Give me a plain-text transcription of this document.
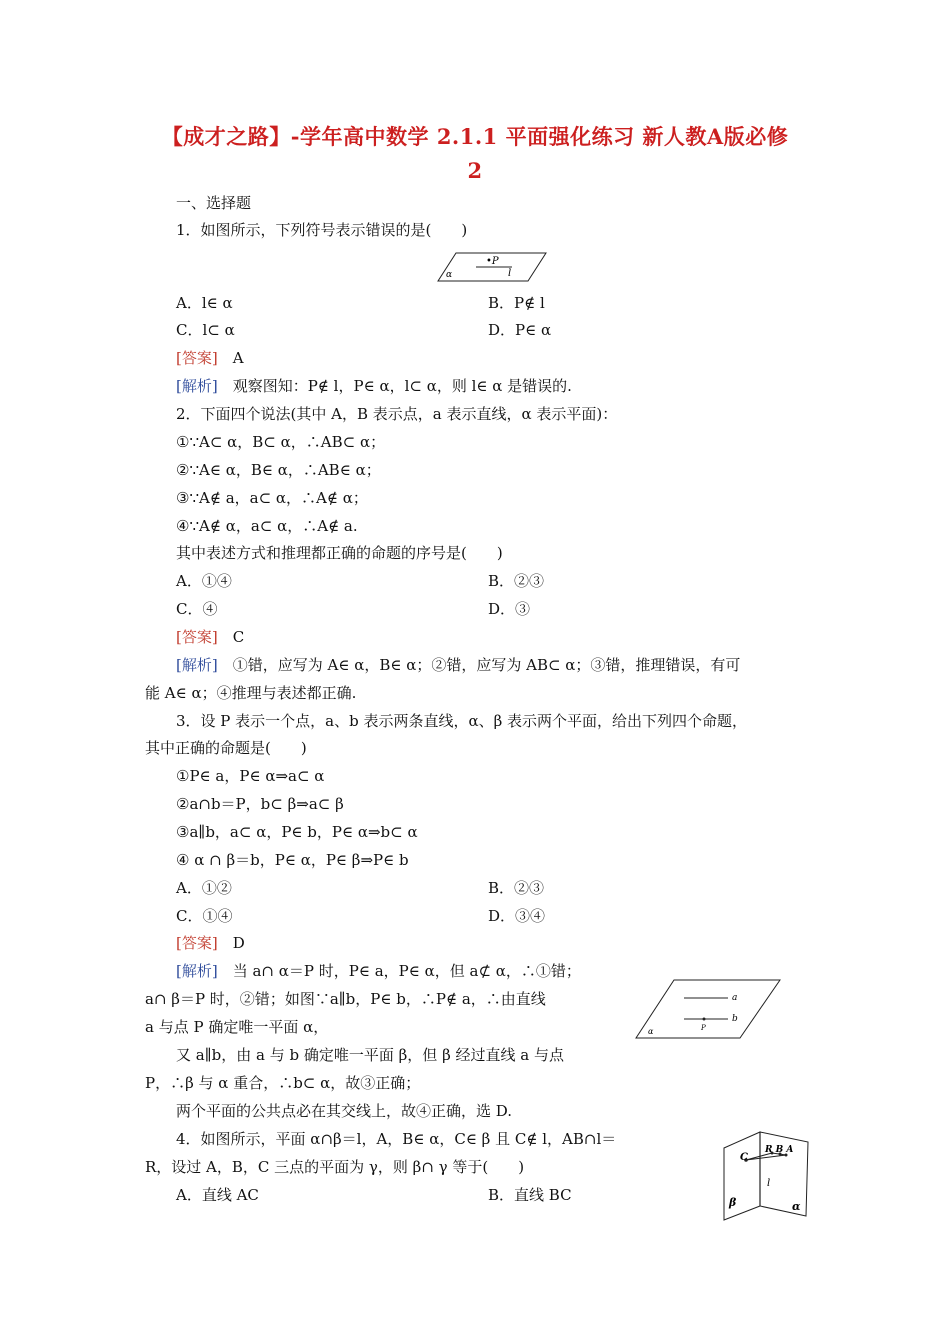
【成才之路】-学年高中数学 2.1.1 平面强化练习 新人教A版必修
2
一、选择题
1．如图所示，下列符号表示错误的是(　　)
•P
l
α
A．l∈ α	B．P∉ l
C．l⊂ α	D．P∈ α
[答案]  A
[解析]  观察图知：P∉ l，P∈ α，l⊂ α，则 l∈ α 是错误的.
2．下面四个说法(其中 A，B 表示点，a 表示直线，α 表示平面)：
①∵A⊂ α，B⊂ α，∴AB⊂ α；
②∵A∈ α，B∈ α，∴AB∈ α；
③∵A∉ a，a⊂ α，∴A∉ α；
④∵A∉ α，a⊂ α，∴A∉ a.
其中表述方式和推理都正确的命题的序号是(　　)
A．①④	B．②③
C．④	D．③
[答案]  C
[解析]  ①错，应写为 A∈ α，B∈ α；②错，应写为 AB⊂ α；③错，推理错误，有可
能 A∈ α；④推理与表述都正确.
3．设 P 表示一个点，a、b 表示两条直线，α、β 表示两个平面，给出下列四个命题，
其中正确的命题是(　　)
①P∈ a，P∈ α⇒a⊂ α
②a∩b＝P，b⊂ β⇒a⊂ β
③a∥b，a⊂ α，P∈ b，P∈ α⇒b⊂ α
④ α ∩ β＝b，P∈ α，P∈ β⇒P∈ b
A．①②	B．②③
C．①④	D．③④
[答案]  D
[解析]  当 a∩ α＝P 时，P∈ a，P∈ α，但 a⊄ α，∴①错；
a∩ β＝P 时，②错；如图∵a∥b，P∈ b，∴P∉ a，∴由直线
a 与点 P 确定唯一平面 α，
又 a∥b，由 a 与 b 确定唯一平面 β，但 β 经过直线 a 与点
P，∴β 与 α 重合，∴b⊂ α，故③正确；
两个平面的公共点必在其交线上，故④正确，选 D.
a
b
P
α
4．如图所示，平面 α∩β＝l，A，B∈ α，C∈ β 且 C∉ l，AB∩l＝
R，设过 A，B，C 三点的平面为 γ，则 β∩ γ 等于(　　)
A．直线 AC	B．直线 BC
C
R B A
l
β	α
